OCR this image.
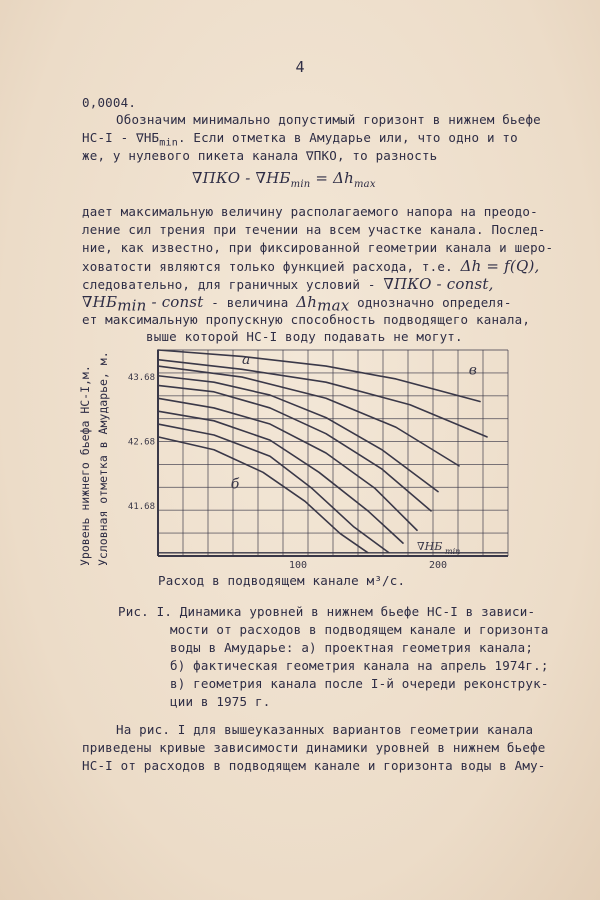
4
0,0004.
Обозначим минимально допустимый горизонт в нижнем бьефе
$НС-I - \nabla НБ_{min}$. Если отметка в Амударье или, что одно и то
же, у нулевого пикета канала ∇ПКО, то разность
$\nabla ПКО - \nabla НБ_{min} = \Delta h_{max}$
дает максимальную величину располагаемого напора на преодо-
ление сил трения при течении на всем участке канала. Послед-
ние, как известно, при фиксированной геометрии канала и шеро-
ховатости являются только функцией расхода, т.е. Δh = f(Q),
следовательно, для граничных условий - ∇ПКО - const,
$\nabla НБ_{min}$ - const - величина $\Delta h_{max}$ однозначно определя-
ет максимальную пропускную способность подводящего канала,
выше которой НС-I воду подавать не могут.
Уровень нижнего бьефа НС-I,м. Условная отметка в Амударье, м. 43.68
42.68
41.68
100	200
∇НБ min
а
б
в
Расход в подводящем канале м³/с.
Рис. I. Динамика уровней в нижнем бьефе НС-I в зависи-
мости от расходов в подводящем канале и горизонта
воды в Амударье: а) проектная геометрия канала;
б) фактическая геометрия канала на апрель 1974г.;
в) геометрия канала после I-й очереди реконструк-
ции в 1975 г.
На рис. I для вышеуказанных вариантов геометрии канала
приведены кривые зависимости динамики уровней в нижнем бьефе
НС-I от расходов в подводящем канале и горизонта воды в Аму-
